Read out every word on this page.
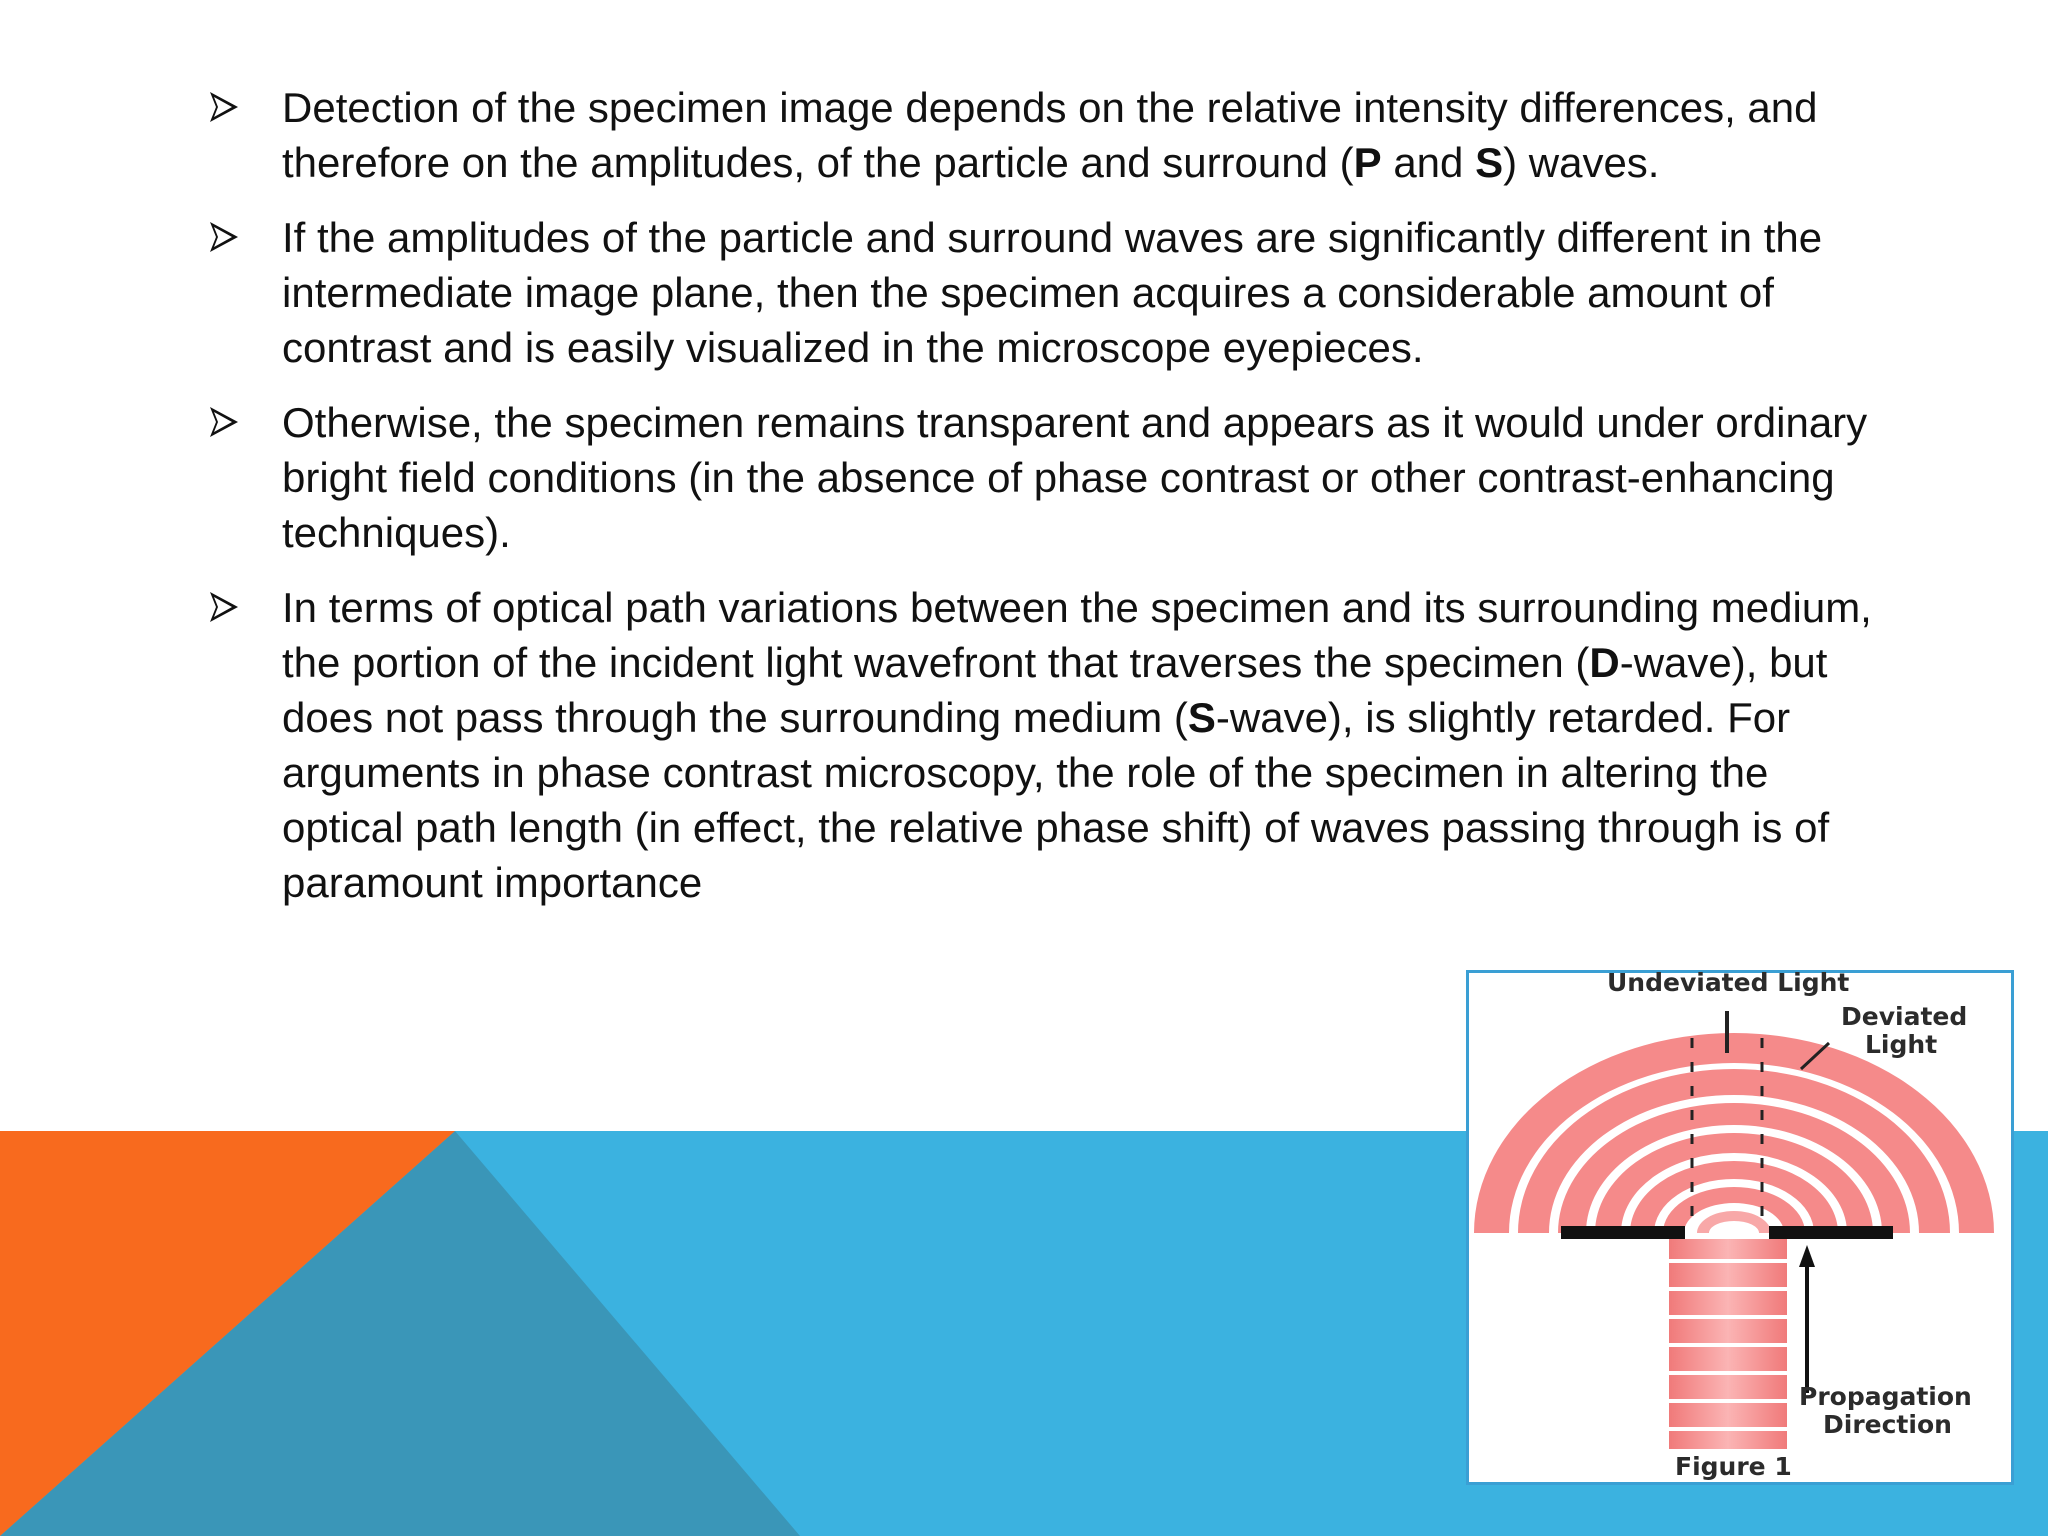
Detection of the specimen image depends on the relative intensity differences, and therefore on the amplitudes, of the particle and surround (P and S) waves.
If the amplitudes of the particle and surround waves are significantly different in the intermediate image plane, then the specimen acquires a considerable amount of contrast and is easily visualized in the microscope eyepieces.
Otherwise, the specimen remains transparent and appears as it would under ordinary bright field conditions (in the absence of phase contrast or other contrast-enhancing techniques).
In terms of optical path variations between the specimen and its surrounding medium, the portion of the incident light wavefront that traverses the specimen (D-wave), but does not pass through the surrounding medium (S-wave), is slightly retarded. For arguments in phase contrast microscopy, the role of the specimen in altering the optical path length (in effect, the relative phase shift) of waves passing through is of paramount importance
Undeviated Light
Deviated
Light
Propagation
Direction
Figure 1
